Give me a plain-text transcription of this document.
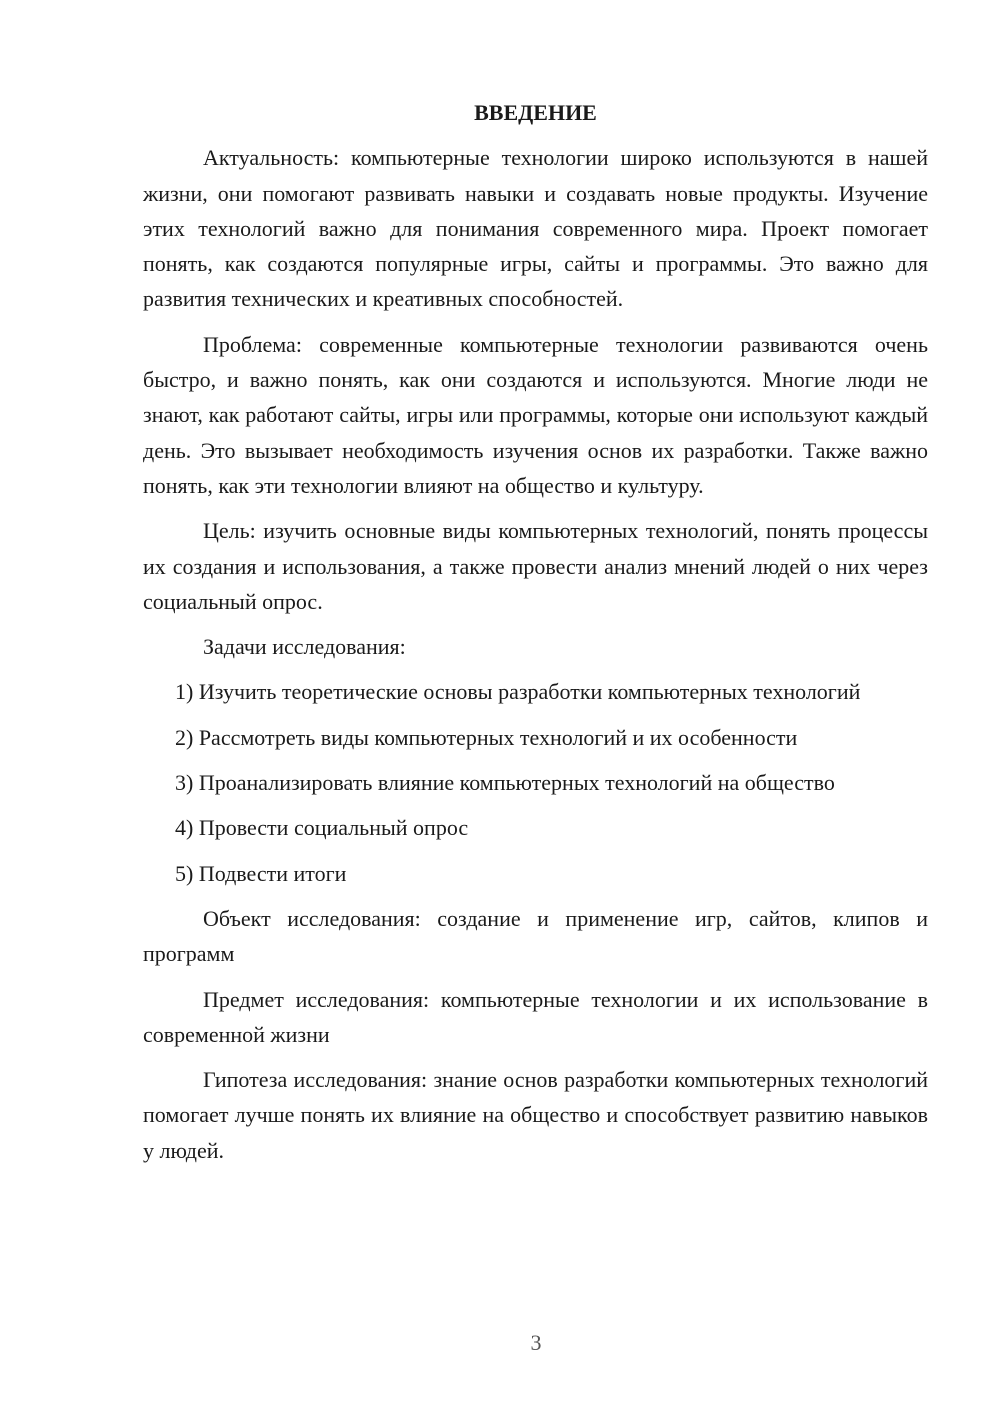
ВВЕДЕНИЕ

Актуальность: компьютерные технологии широко используются в нашей жизни, они помогают развивать навыки и создавать новые продукты. Изучение этих технологий важно для понимания современного мира. Проект помогает понять, как создаются популярные игры, сайты и программы. Это важно для развития технических и креативных способностей.

Проблема: современные компьютерные технологии развиваются очень быстро, и важно понять, как они создаются и используются. Многие люди не знают, как работают сайты, игры или программы, которые они используют каждый день. Это вызывает необходимость изучения основ их разработки. Также важно понять, как эти технологии влияют на общество и культуру.

Цель: изучить основные виды компьютерных технологий, понять процессы их создания и использования, а также провести анализ мнений людей о них через социальный опрос.

Задачи исследования:

1) Изучить теоретические основы разработки компьютерных технологий

2) Рассмотреть виды компьютерных технологий и их особенности

3) Проанализировать влияние компьютерных технологий на общество

4) Провести социальный опрос

5) Подвести итоги

Объект исследования: создание и применение игр, сайтов, клипов и программ

Предмет исследования: компьютерные технологии и их использование в современной жизни

Гипотеза исследования: знание основ разработки компьютерных технологий помогает лучше понять их влияние на общество и способствует развитию навыков у людей.

3
